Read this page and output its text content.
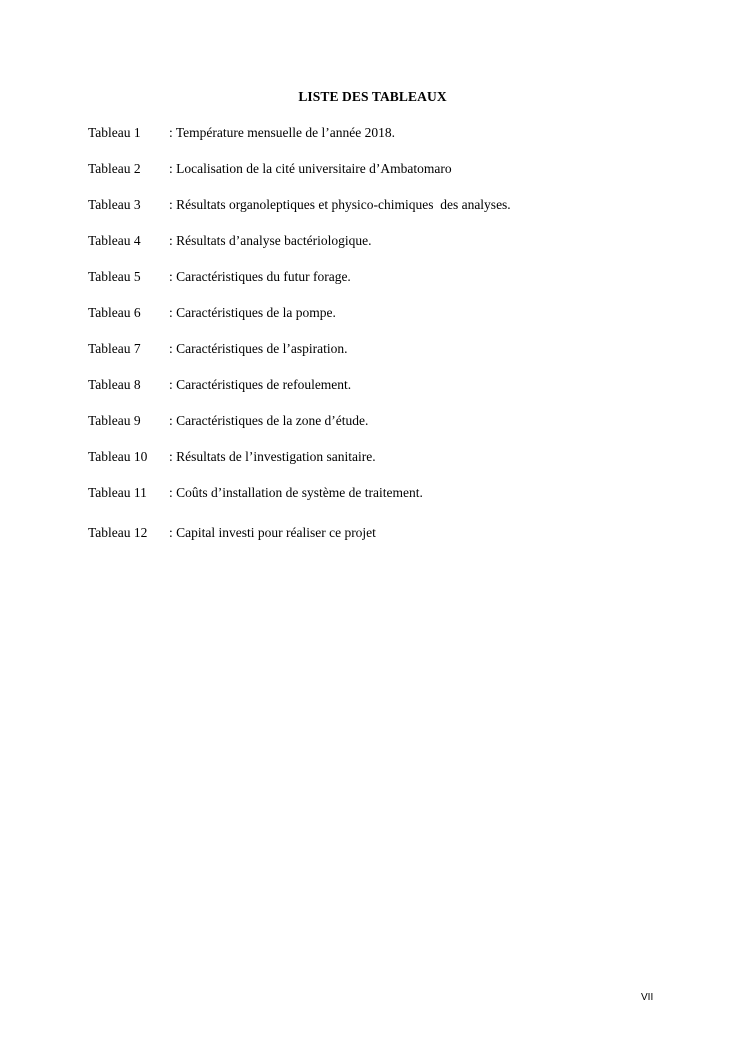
LISTE DES TABLEAUX
Tableau 1 : Température mensuelle de l’année 2018.
Tableau 2 : Localisation de la cité universitaire d’Ambatomaro
Tableau 3 : Résultats organoleptiques et physico-chimiques  des analyses.
Tableau 4 : Résultats d’analyse bactériologique.
Tableau 5 : Caractéristiques du futur forage.
Tableau 6 : Caractéristiques de la pompe.
Tableau 7 : Caractéristiques de l’aspiration.
Tableau 8 : Caractéristiques de refoulement.
Tableau 9 : Caractéristiques de la zone d’étude.
Tableau 10 : Résultats de l’investigation sanitaire.
Tableau 11 : Coûts d’installation de système de traitement.
Tableau 12 : Capital investi pour réaliser ce projet
VII
